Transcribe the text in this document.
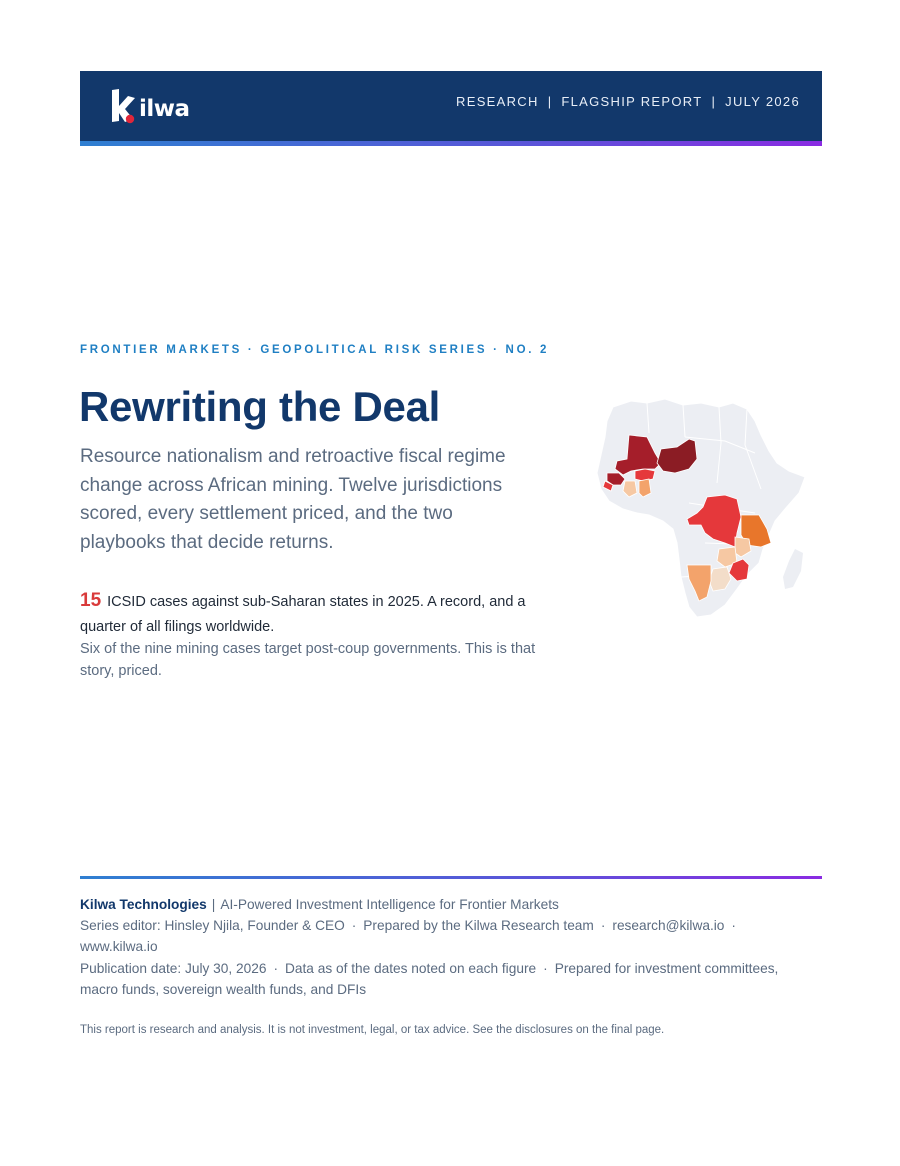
ilwa	RESEARCH | FLAGSHIP REPORT | JULY 2026
FRONTIER MARKETS · GEOPOLITICAL RISK SERIES · NO. 2
Rewriting the Deal

Resource nationalism and retroactive fiscal regime change across African mining. Twelve jurisdictions scored, every settlement priced, and the two playbooks that decide returns.

15 ICSID cases against sub-Saharan states in 2025. A record, and a quarter of all filings worldwide.

Six of the nine mining cases target post-coup governments. This is that story, priced.

Kilwa Technologies | AI-Powered Investment Intelligence for Frontier Markets
Series editor: Hinsley Njila, Founder & CEO · Prepared by the Kilwa Research team · research@kilwa.io ·
www.kilwa.io
Publication date: July 30, 2026 · Data as of the dates noted on each figure · Prepared for investment committees,
macro funds, sovereign wealth funds, and DFIs

This report is research and analysis. It is not investment, legal, or tax advice. See the disclosures on the final page.
